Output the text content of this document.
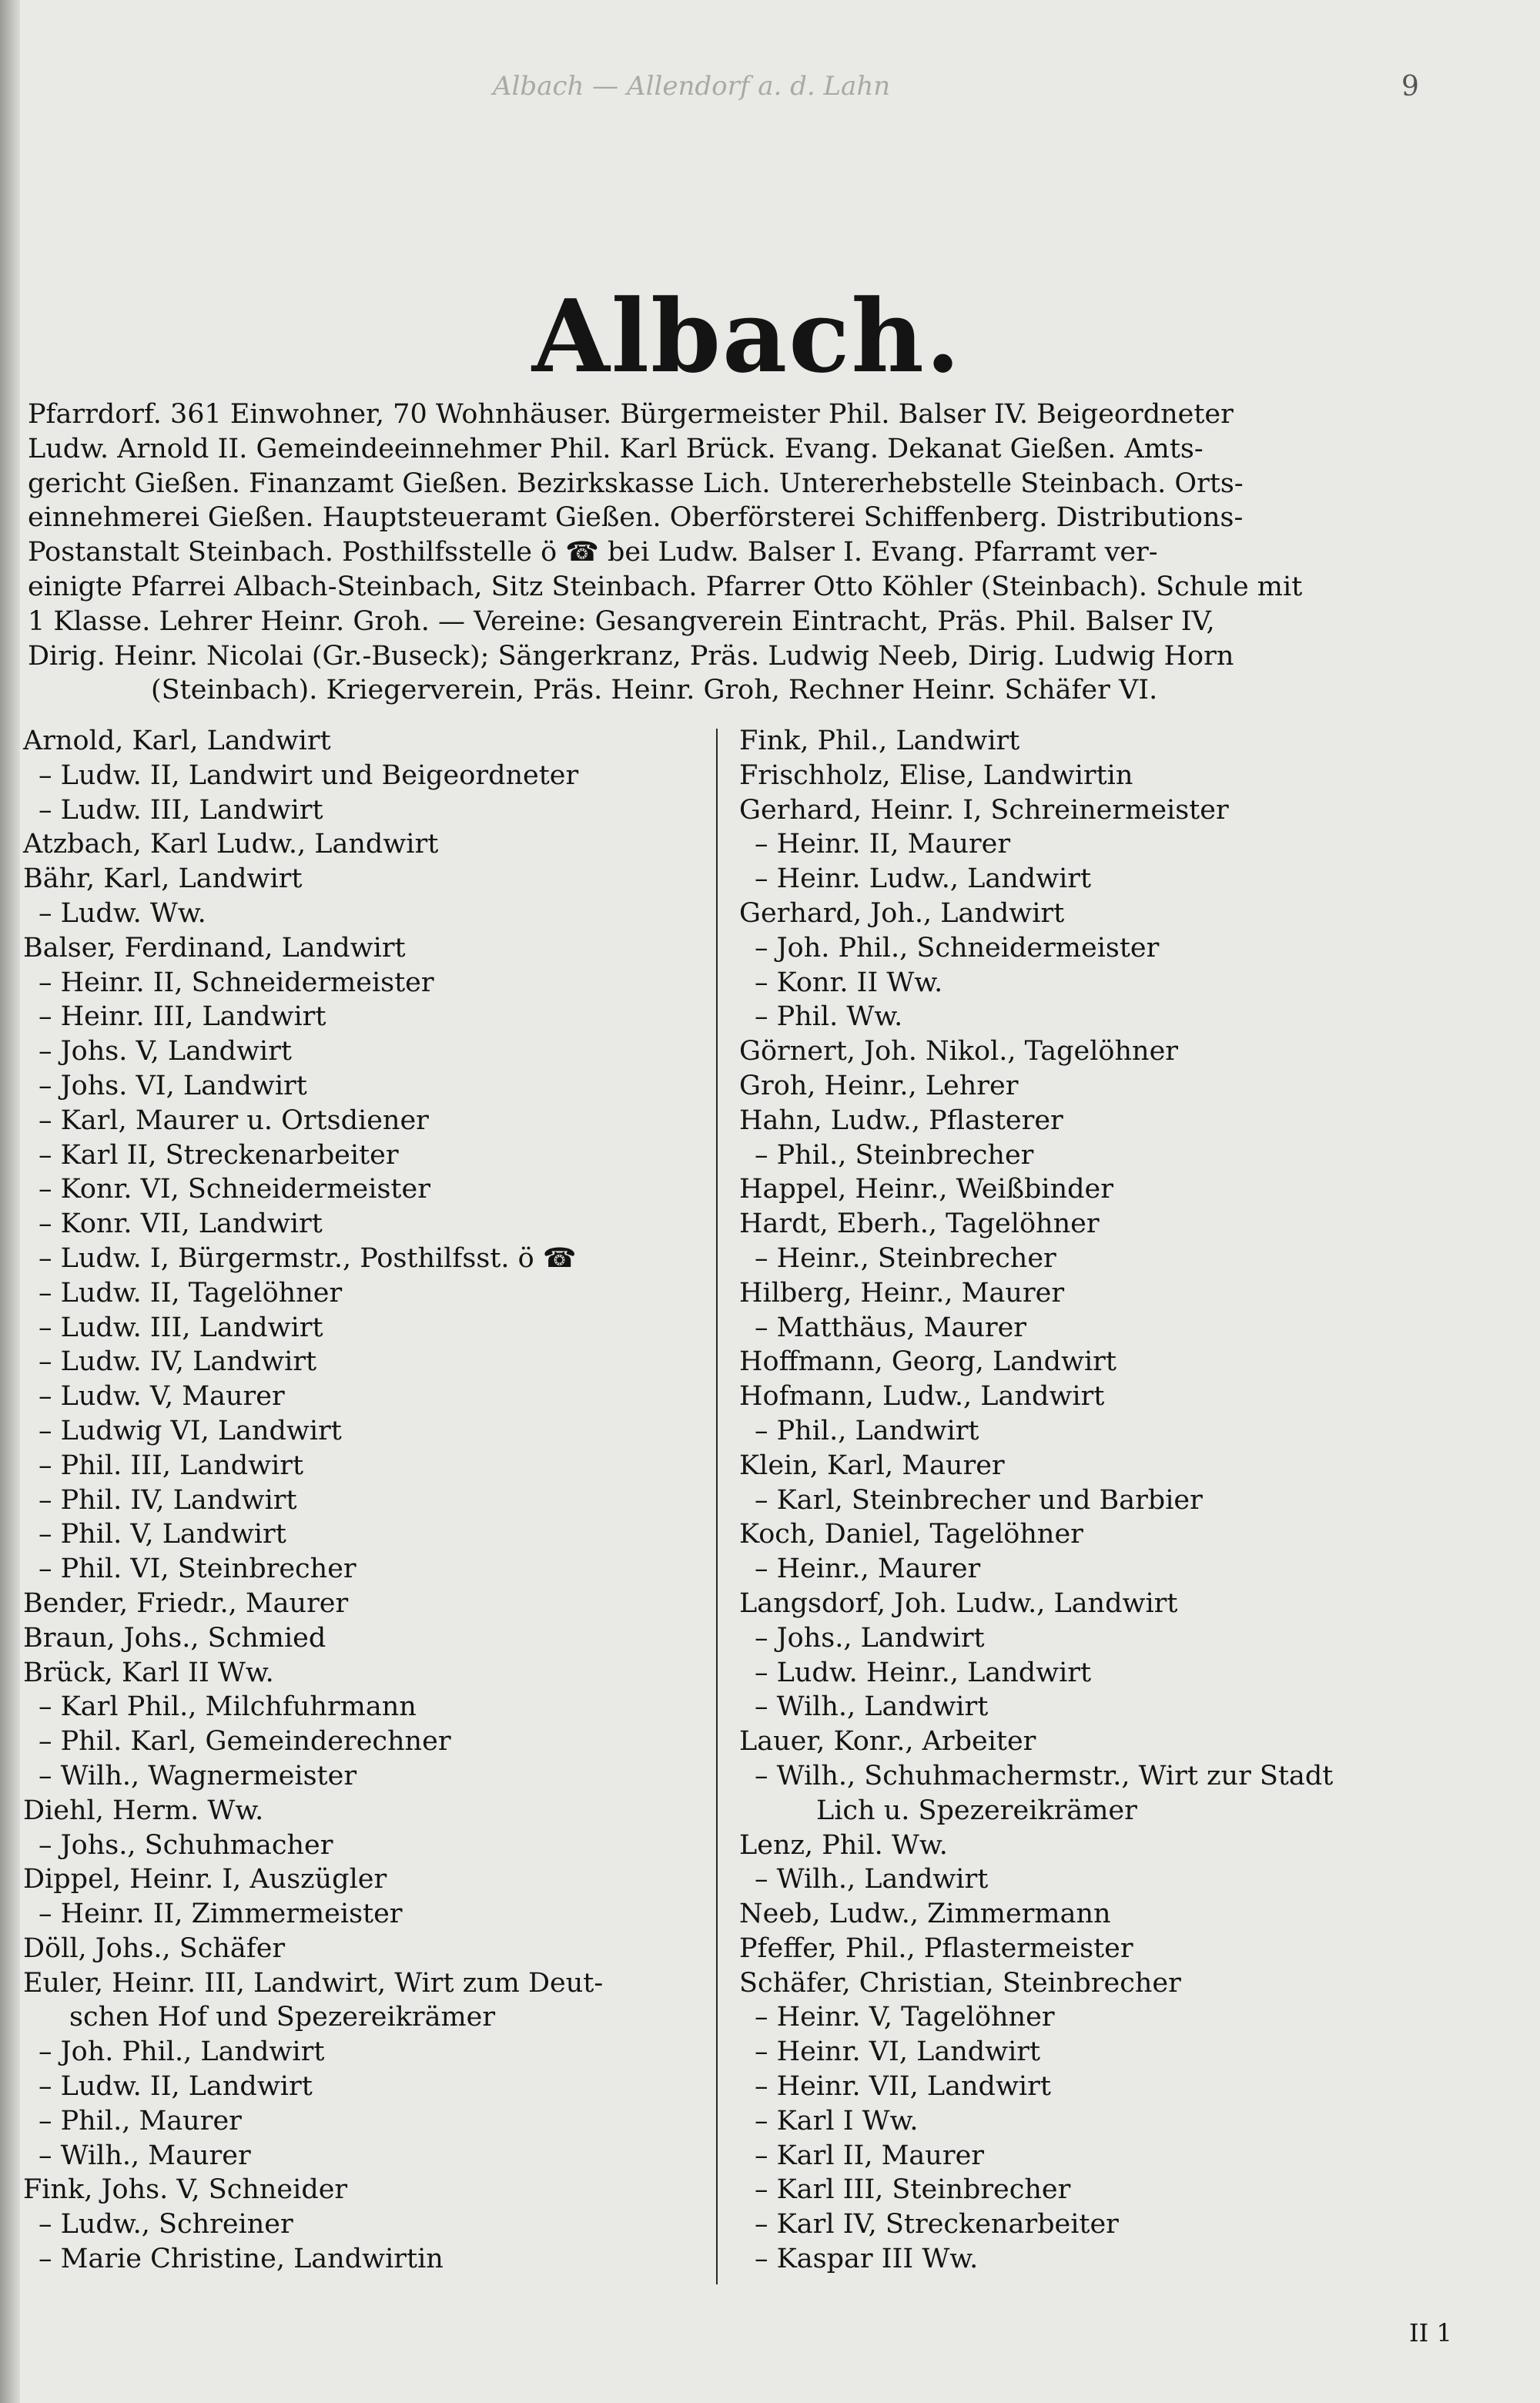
Albach — Allendorf a. d. Lahn	9
Albach.

Pfarrdorf. 361 Einwohner, 70 Wohnhäuser. Bürgermeister Phil. Balser IV. Beigeordneter

Ludw. Arnold II. Gemeindeeinnehmer Phil. Karl Brück. Evang. Dekanat Gießen. Amts-

gericht Gießen. Finanzamt Gießen. Bezirkskasse Lich. Untererhebstelle Steinbach. Orts-

einnehmerei Gießen. Hauptsteueramt Gießen. Oberförsterei Schiffenberg. Distributions-

Postanstalt Steinbach. Posthilfsstelle ö ☎ bei Ludw. Balser I. Evang. Pfarramt ver-

einigte Pfarrei Albach-Steinbach, Sitz Steinbach. Pfarrer Otto Köhler (Steinbach). Schule mit

1 Klasse. Lehrer Heinr. Groh. — Vereine: Gesangverein Eintracht, Präs. Phil. Balser IV,

Dirig. Heinr. Nicolai (Gr.-Buseck); Sängerkranz, Präs. Ludwig Neeb, Dirig. Ludwig Horn

(Steinbach). Kriegerverein, Präs. Heinr. Groh, Rechner Heinr. Schäfer VI.

Arnold, Karl, Landwirt
– Ludw. II, Landwirt und Beigeordneter
– Ludw. III, Landwirt
Atzbach, Karl Ludw., Landwirt
Bähr, Karl, Landwirt
– Ludw. Ww.
Balser, Ferdinand, Landwirt
– Heinr. II, Schneidermeister
– Heinr. III, Landwirt
– Johs. V, Landwirt
– Johs. VI, Landwirt
– Karl, Maurer u. Ortsdiener
– Karl II, Streckenarbeiter
– Konr. VI, Schneidermeister
– Konr. VII, Landwirt
– Ludw. I, Bürgermstr., Posthilfsst. ö ☎
– Ludw. II, Tagelöhner
– Ludw. III, Landwirt
– Ludw. IV, Landwirt
– Ludw. V, Maurer
– Ludwig VI, Landwirt
– Phil. III, Landwirt
– Phil. IV, Landwirt
– Phil. V, Landwirt
– Phil. VI, Steinbrecher
Bender, Friedr., Maurer
Braun, Johs., Schmied
Brück, Karl II Ww.
– Karl Phil., Milchfuhrmann
– Phil. Karl, Gemeinderechner
– Wilh., Wagnermeister
Diehl, Herm. Ww.
– Johs., Schuhmacher
Dippel, Heinr. I, Auszügler
– Heinr. II, Zimmermeister
Döll, Johs., Schäfer
Euler, Heinr. III, Landwirt, Wirt zum Deut-
schen Hof und Spezereikrämer
– Joh. Phil., Landwirt
– Ludw. II, Landwirt
– Phil., Maurer
– Wilh., Maurer
Fink, Johs. V, Schneider
– Ludw., Schreiner
– Marie Christine, Landwirtin
Fink, Phil., Landwirt
Frischholz, Elise, Landwirtin
Gerhard, Heinr. I, Schreinermeister
– Heinr. II, Maurer
– Heinr. Ludw., Landwirt
Gerhard, Joh., Landwirt
– Joh. Phil., Schneidermeister
– Konr. II Ww.
– Phil. Ww.
Görnert, Joh. Nikol., Tagelöhner
Groh, Heinr., Lehrer
Hahn, Ludw., Pflasterer
– Phil., Steinbrecher
Happel, Heinr., Weißbinder
Hardt, Eberh., Tagelöhner
– Heinr., Steinbrecher
Hilberg, Heinr., Maurer
– Matthäus, Maurer
Hoffmann, Georg, Landwirt
Hofmann, Ludw., Landwirt
– Phil., Landwirt
Klein, Karl, Maurer
– Karl, Steinbrecher und Barbier
Koch, Daniel, Tagelöhner
– Heinr., Maurer
Langsdorf, Joh. Ludw., Landwirt
– Johs., Landwirt
– Ludw. Heinr., Landwirt
– Wilh., Landwirt
Lauer, Konr., Arbeiter
– Wilh., Schuhmachermstr., Wirt zur Stadt
Lich u. Spezereikrämer
Lenz, Phil. Ww.
– Wilh., Landwirt
Neeb, Ludw., Zimmermann
Pfeffer, Phil., Pflastermeister
Schäfer, Christian, Steinbrecher
– Heinr. V, Tagelöhner
– Heinr. VI, Landwirt
– Heinr. VII, Landwirt
– Karl I Ww.
– Karl II, Maurer
– Karl III, Steinbrecher
– Karl IV, Streckenarbeiter
– Kaspar III Ww.
II 1
